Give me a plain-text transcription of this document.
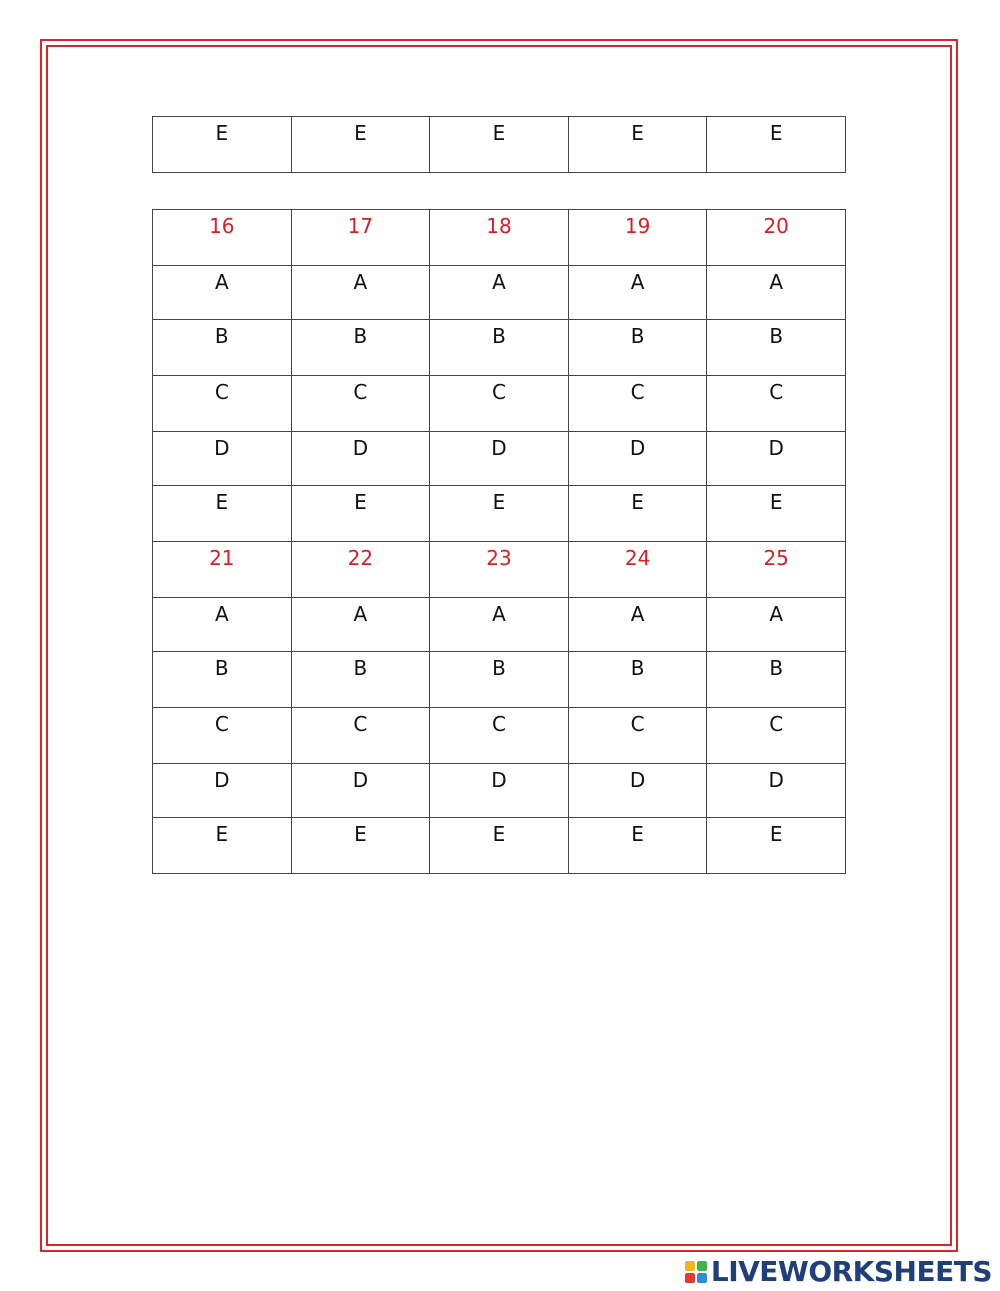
E	E	E	E	E
16	17	18	19	20
A	A	A	A	A
B	B	B	B	B
C	C	C	C	C
D	D	D	D	D
E	E	E	E	E
21	22	23	24	25
A	A	A	A	A
B	B	B	B	B
C	C	C	C	C
D	D	D	D	D
E	E	E	E	E
LIVEWORKSHEETS
